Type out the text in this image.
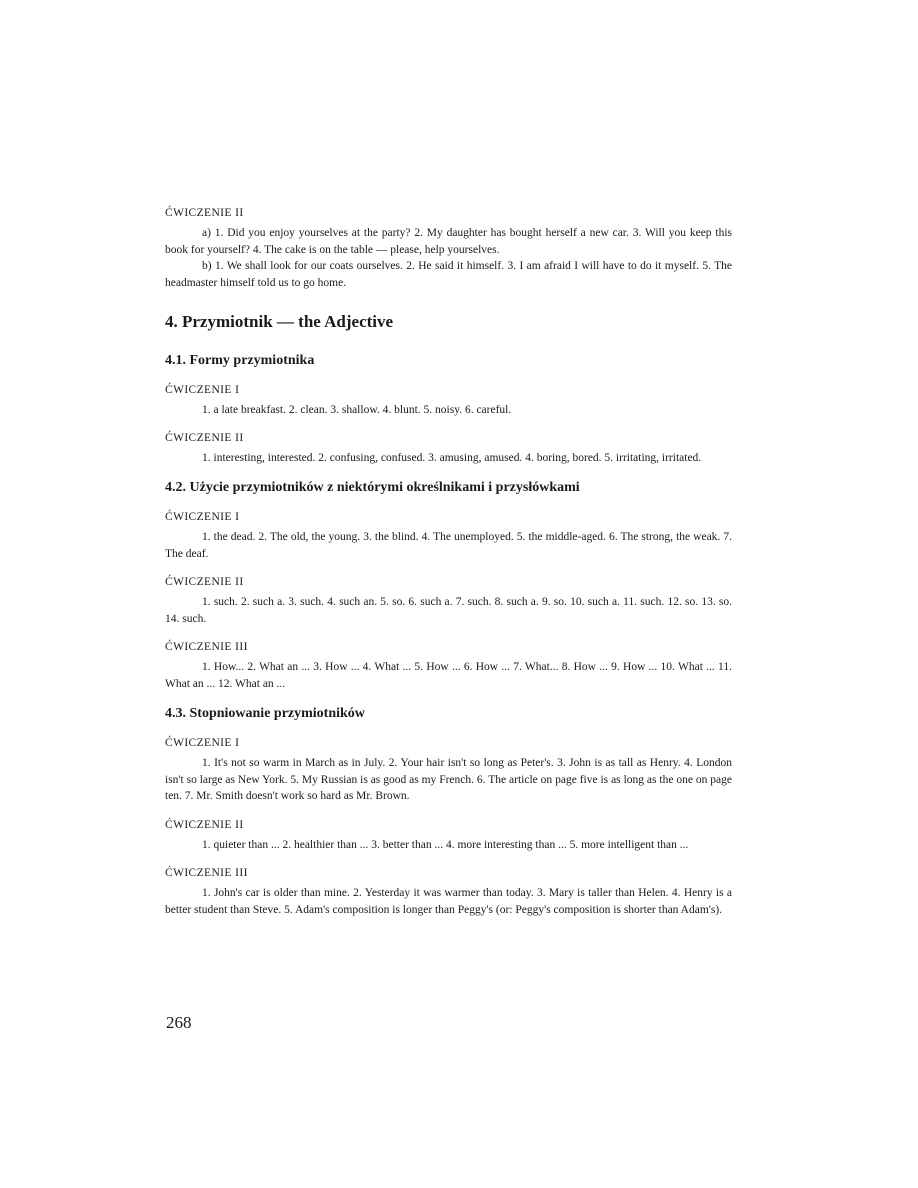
ĆWICZENIE II

a) 1. Did you enjoy yourselves at the party? 2. My daughter has bought herself a new car. 3. Will you keep this book for yourself? 4. The cake is on the table — please, help yourselves.

b) 1. We shall look for our coats ourselves. 2. He said it himself. 3. I am afraid I will have to do it myself. 5. The headmaster himself told us to go home.

4. Przymiotnik — the Adjective
4.1. Formy przymiotnika
ĆWICZENIE I

1. a late breakfast. 2. clean. 3. shallow. 4. blunt. 5. noisy. 6. careful.

ĆWICZENIE II

1. interesting, interested. 2. confusing, confused. 3. amusing, amused. 4. boring, bored. 5. irritating, irritated.

4.2. Użycie przymiotników z niektórymi określnikami i przysłówkami
ĆWICZENIE I

1. the dead. 2. The old, the young. 3. the blind. 4. The unemployed. 5. the middle-aged. 6. The strong, the weak. 7. The deaf.

ĆWICZENIE II

1. such. 2. such a. 3. such. 4. such an. 5. so. 6. such a. 7. such. 8. such a. 9. so. 10. such a. 11. such. 12. so. 13. so. 14. such.

ĆWICZENIE III

1. How... 2. What an ... 3. How ... 4. What ... 5. How ... 6. How ... 7. What... 8. How ... 9. How ... 10. What ... 11. What an ... 12. What an ...

4.3. Stopniowanie przymiotników
ĆWICZENIE I

1. It's not so warm in March as in July. 2. Your hair isn't so long as Peter's. 3. John is as tall as Henry. 4. London isn't so large as New York. 5. My Russian is as good as my French. 6. The article on page five is as long as the one on page ten. 7. Mr. Smith doesn't work so hard as Mr. Brown.

ĆWICZENIE II

1. quieter than ... 2. healthier than ... 3. better than ... 4. more interesting than ... 5. more intelligent than ...

ĆWICZENIE III

1. John's car is older than mine. 2. Yesterday it was warmer than today. 3. Mary is taller than Helen. 4. Henry is a better student than Steve. 5. Adam's composition is longer than Peggy's (or: Peggy's composition is shorter than Adam's).

268
